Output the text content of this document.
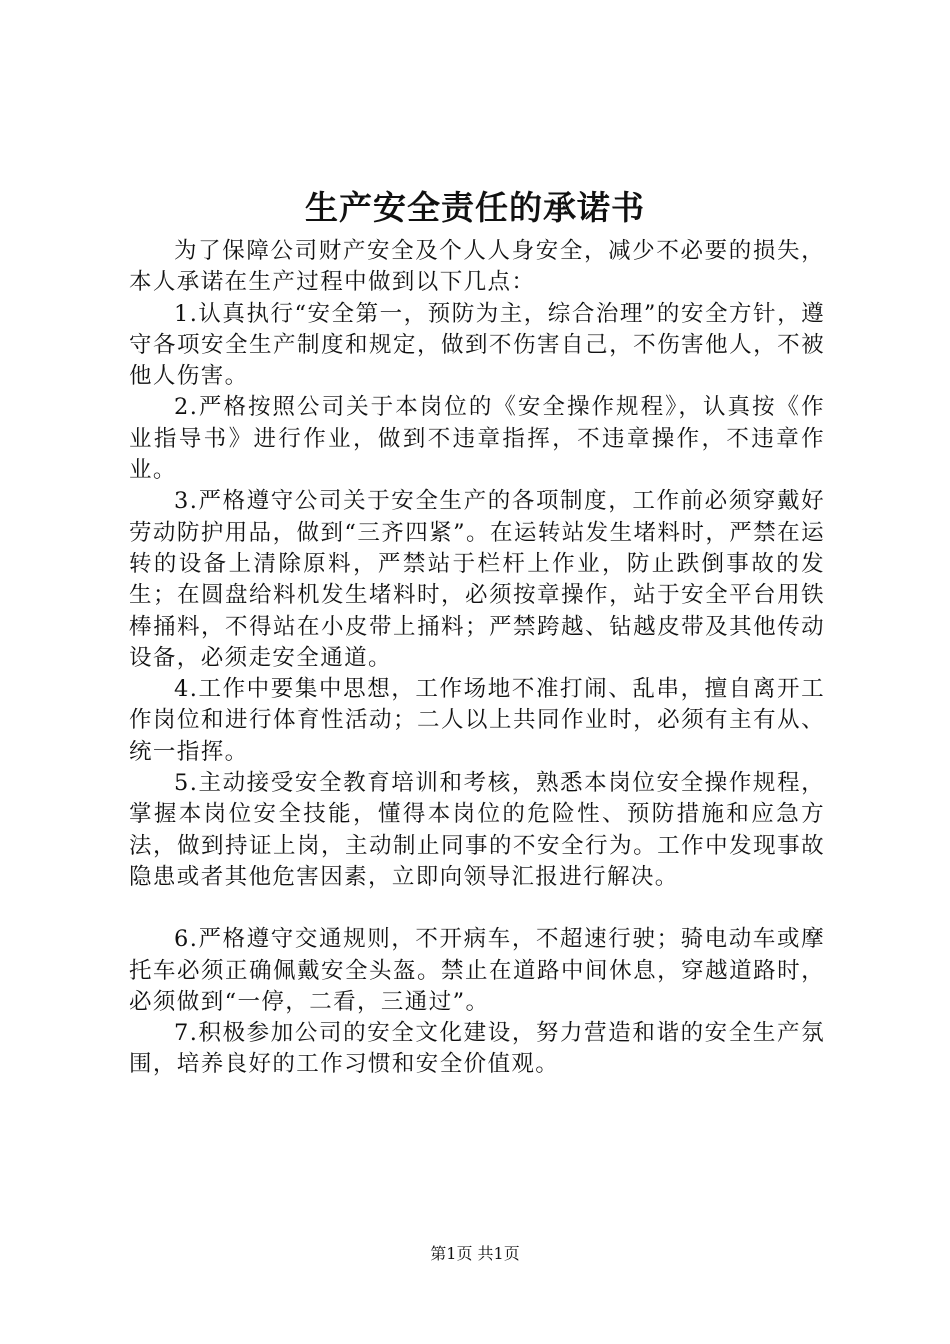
生产安全责任的承诺书

为了保障公司财产安全及个人人身安全，减少不必要的损失，本人承诺在生产过程中做到以下几点：

1.认真执行“安全第一，预防为主，综合治理”的安全方针，遵守各项安全生产制度和规定，做到不伤害自己，不伤害他人，不被他人伤害。

2.严格按照公司关于本岗位的《安全操作规程》，认真按《作业指导书》进行作业，做到不违章指挥，不违章操作，不违章作业。

3.严格遵守公司关于安全生产的各项制度，工作前必须穿戴好劳动防护用品，做到“三齐四紧”。在运转站发生堵料时，严禁在运转的设备上清除原料，严禁站于栏杆上作业，防止跌倒事故的发生；在圆盘给料机发生堵料时，必须按章操作，站于安全平台用铁棒捅料，不得站在小皮带上捅料；严禁跨越、钻越皮带及其他传动设备，必须走安全通道。

4.工作中要集中思想，工作场地不准打闹、乱串，擅自离开工作岗位和进行体育性活动；二人以上共同作业时，必须有主有从、统一指挥。

5.主动接受安全教育培训和考核，熟悉本岗位安全操作规程，掌握本岗位安全技能，懂得本岗位的危险性、预防措施和应急方法，做到持证上岗，主动制止同事的不安全行为。工作中发现事故隐患或者其他危害因素，立即向领导汇报进行解决。

6.严格遵守交通规则，不开病车，不超速行驶；骑电动车或摩托车必须正确佩戴安全头盔。禁止在道路中间休息，穿越道路时，必须做到“一停，二看，三通过”。

7.积极参加公司的安全文化建设，努力营造和谐的安全生产氛围，培养良好的工作习惯和安全价值观。

第1页 共1页
